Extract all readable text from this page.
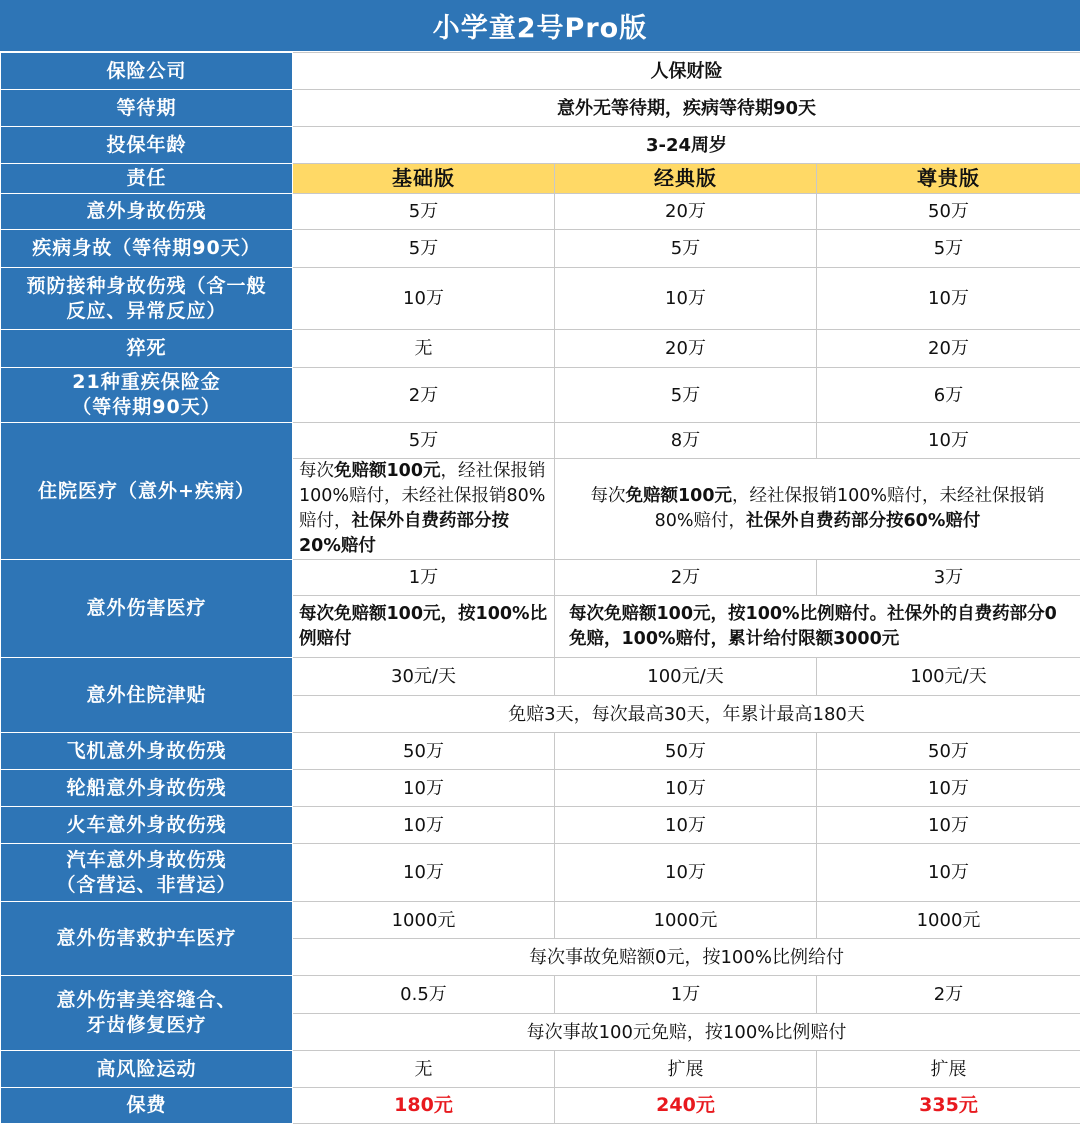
小学童2号Pro版
保险公司	人保财险		
等待期	意外无等待期，疾病等待期90天		
投保年龄	3-24周岁		
责任	基础版	经典版	尊贵版
意外身故伤残	5万	20万	50万
疾病身故（等待期90天）	5万	5万	5万

预防接种身故伤残（含一般
反应、异常反应）	10万	10万	10万
猝死	无	20万	20万

21种重疾保险金
（等待期90天）	2万	5万	6万
住院医疗（意外+疾病）	5万	8万	10万
	每次免赔额100元，经社保报销100%赔付，未经社保报销80%赔付，社保外自费药部分按20%赔付	每次免赔额100元，经社保报销100%赔付，未经社保报销80%赔付，社保外自费药部分按60%赔付	
意外伤害医疗	1万	2万	3万
	每次免赔额100元，按100%比例赔付	每次免赔额100元，按100%比例赔付。社保外的自费药部分0免赔，100%赔付，累计给付限额3000元	
意外住院津贴	30元/天	100元/天	100元/天
	免赔3天，每次最高30天，年累计最高180天		
飞机意外身故伤残	50万	50万	50万
轮船意外身故伤残	10万	10万	10万
火车意外身故伤残	10万	10万	10万

汽车意外身故伤残
（含营运、非营运）	10万	10万	10万
意外伤害救护车医疗	1000元	1000元	1000元
	每次事故免赔额0元，按100%比例给付		

意外伤害美容缝合、
牙齿修复医疗	0.5万	1万	2万
	每次事故100元免赔，按100%比例赔付		
高风险运动	无	扩展	扩展
保费	180元	240元	335元
